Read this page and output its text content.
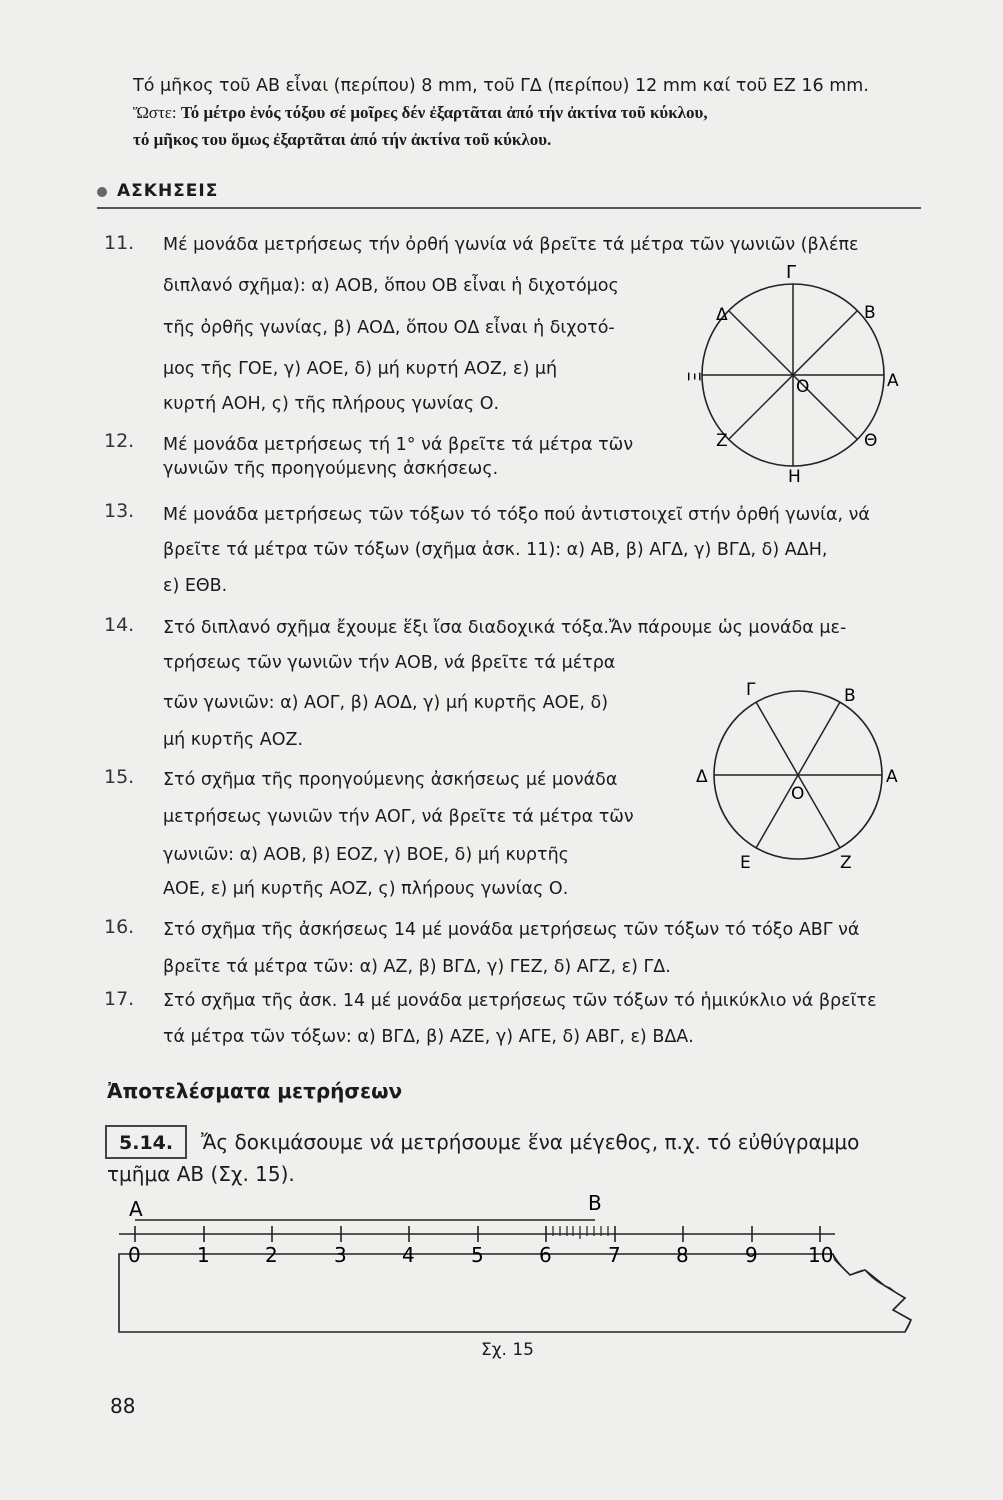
Τό μῆκος τοῦ ΑΒ εἶναι (περίπου) 8 mm, τοῦ ΓΔ (περίπου) 12 mm καί τοῦ ΕΖ 16 mm.
Ὥστε: Τό μέτρο ἑνός τόξου σέ μοῖρες δέν ἐξαρτᾶται ἀπό τήν ἀκτίνα τοῦ κύκλου,
τό μῆκος του ὅμως ἐξαρτᾶται ἀπό τήν ἀκτίνα τοῦ κύκλου.
ΑΣΚΗΣΕΙΣ
11. Μέ μονάδα μετρήσεως τήν ὀρθή γωνία νά βρεῖτε τά μέτρα τῶν γωνιῶν (βλέπε
διπλανό σχῆμα): α) ΑΟΒ, ὅπου ΟΒ εἶναι ἡ διχοτόμος
τῆς ὀρθῆς γωνίας, β) ΑΟΔ, ὅπου ΟΔ εἶναι ἡ διχοτό-
μος τῆς ΓΟΕ, γ) ΑΟΕ, δ) μή κυρτή ΑΟΖ, ε) μή
κυρτή ΑΟΗ, ς) τῆς πλήρους γωνίας Ο.
Γ
Δ	Β
Ξ	Α
Ο
Ζ	Θ
Η
12. Μέ μονάδα μετρήσεως τή 1° νά βρεῖτε τά μέτρα τῶν
γωνιῶν τῆς προηγούμενης ἀσκήσεως.
13. Μέ μονάδα μετρήσεως τῶν τόξων τό τόξο πού ἀντιστοιχεῖ στήν ὀρθή γωνία, νά
βρεῖτε τά μέτρα τῶν τόξων (σχῆμα ἀσκ. 11): α) ΑΒ, β) ΑΓΔ, γ) ΒΓΔ, δ) ΑΔΗ,
ε) ΕΘΒ.
14. Στό διπλανό σχῆμα ἔχουμε ἕξι ἴσα διαδοχικά τόξα.Ἄν πάρουμε ὡς μονάδα με-
τρήσεως τῶν γωνιῶν τήν ΑΟΒ, νά βρεῖτε τά μέτρα
τῶν γωνιῶν: α) ΑΟΓ, β) ΑΟΔ, γ) μή κυρτῆς ΑΟΕ, δ)
μή κυρτῆς ΑΟΖ.
Γ	Β
Δ	Α
Ο
Ε	Ζ
15. Στό σχῆμα τῆς προηγούμενης ἀσκήσεως μέ μονάδα
μετρήσεως γωνιῶν τήν ΑΟΓ, νά βρεῖτε τά μέτρα τῶν
γωνιῶν: α) ΑΟΒ, β) ΕΟΖ, γ) ΒΟΕ, δ) μή κυρτῆς
ΑΟΕ, ε) μή κυρτῆς ΑΟΖ, ς) πλήρους γωνίας Ο.
16. Στό σχῆμα τῆς ἀσκήσεως 14 μέ μονάδα μετρήσεως τῶν τόξων τό τόξο ΑΒΓ νά
βρεῖτε τά μέτρα τῶν: α) ΑΖ, β) ΒΓΔ, γ) ΓΕΖ, δ) ΑΓΖ, ε) ΓΔ.
17. Στό σχῆμα τῆς ἀσκ. 14 μέ μονάδα μετρήσεως τῶν τόξων τό ἡμικύκλιο νά βρεῖτε
τά μέτρα τῶν τόξων: α) ΒΓΔ, β) ΑΖΕ, γ) ΑΓΕ, δ) ΑΒΓ, ε) ΒΔΑ.
Ἀποτελέσματα μετρήσεων
5.14. Ἄς δοκιμάσουμε νά μετρήσουμε ἕνα μέγεθος, π.χ. τό εὐθύγραμμο
τμῆμα ΑΒ (Σχ. 15).
Α	Β
0	1	2	3	4	5	6	7	8	9	10
Σχ. 15
88
